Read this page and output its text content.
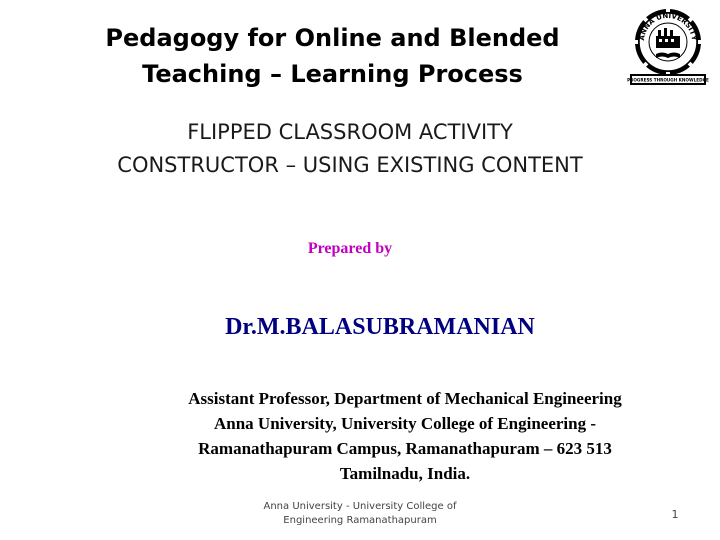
Pedagogy for Online and Blended
Teaching – Learning Process
ANNA UNIVERSITY
PROGRESS THROUGH KNOWLEDGE
FLIPPED CLASSROOM ACTIVITY
CONSTRUCTOR – USING EXISTING CONTENT
Prepared by
Dr.M.BALASUBRAMANIAN
Assistant Professor, Department of Mechanical Engineering
Anna University, University College of Engineering -
Ramanathapuram Campus, Ramanathapuram – 623 513
Tamilnadu, India.
Anna University - University College of
Engineering Ramanathapuram	1
